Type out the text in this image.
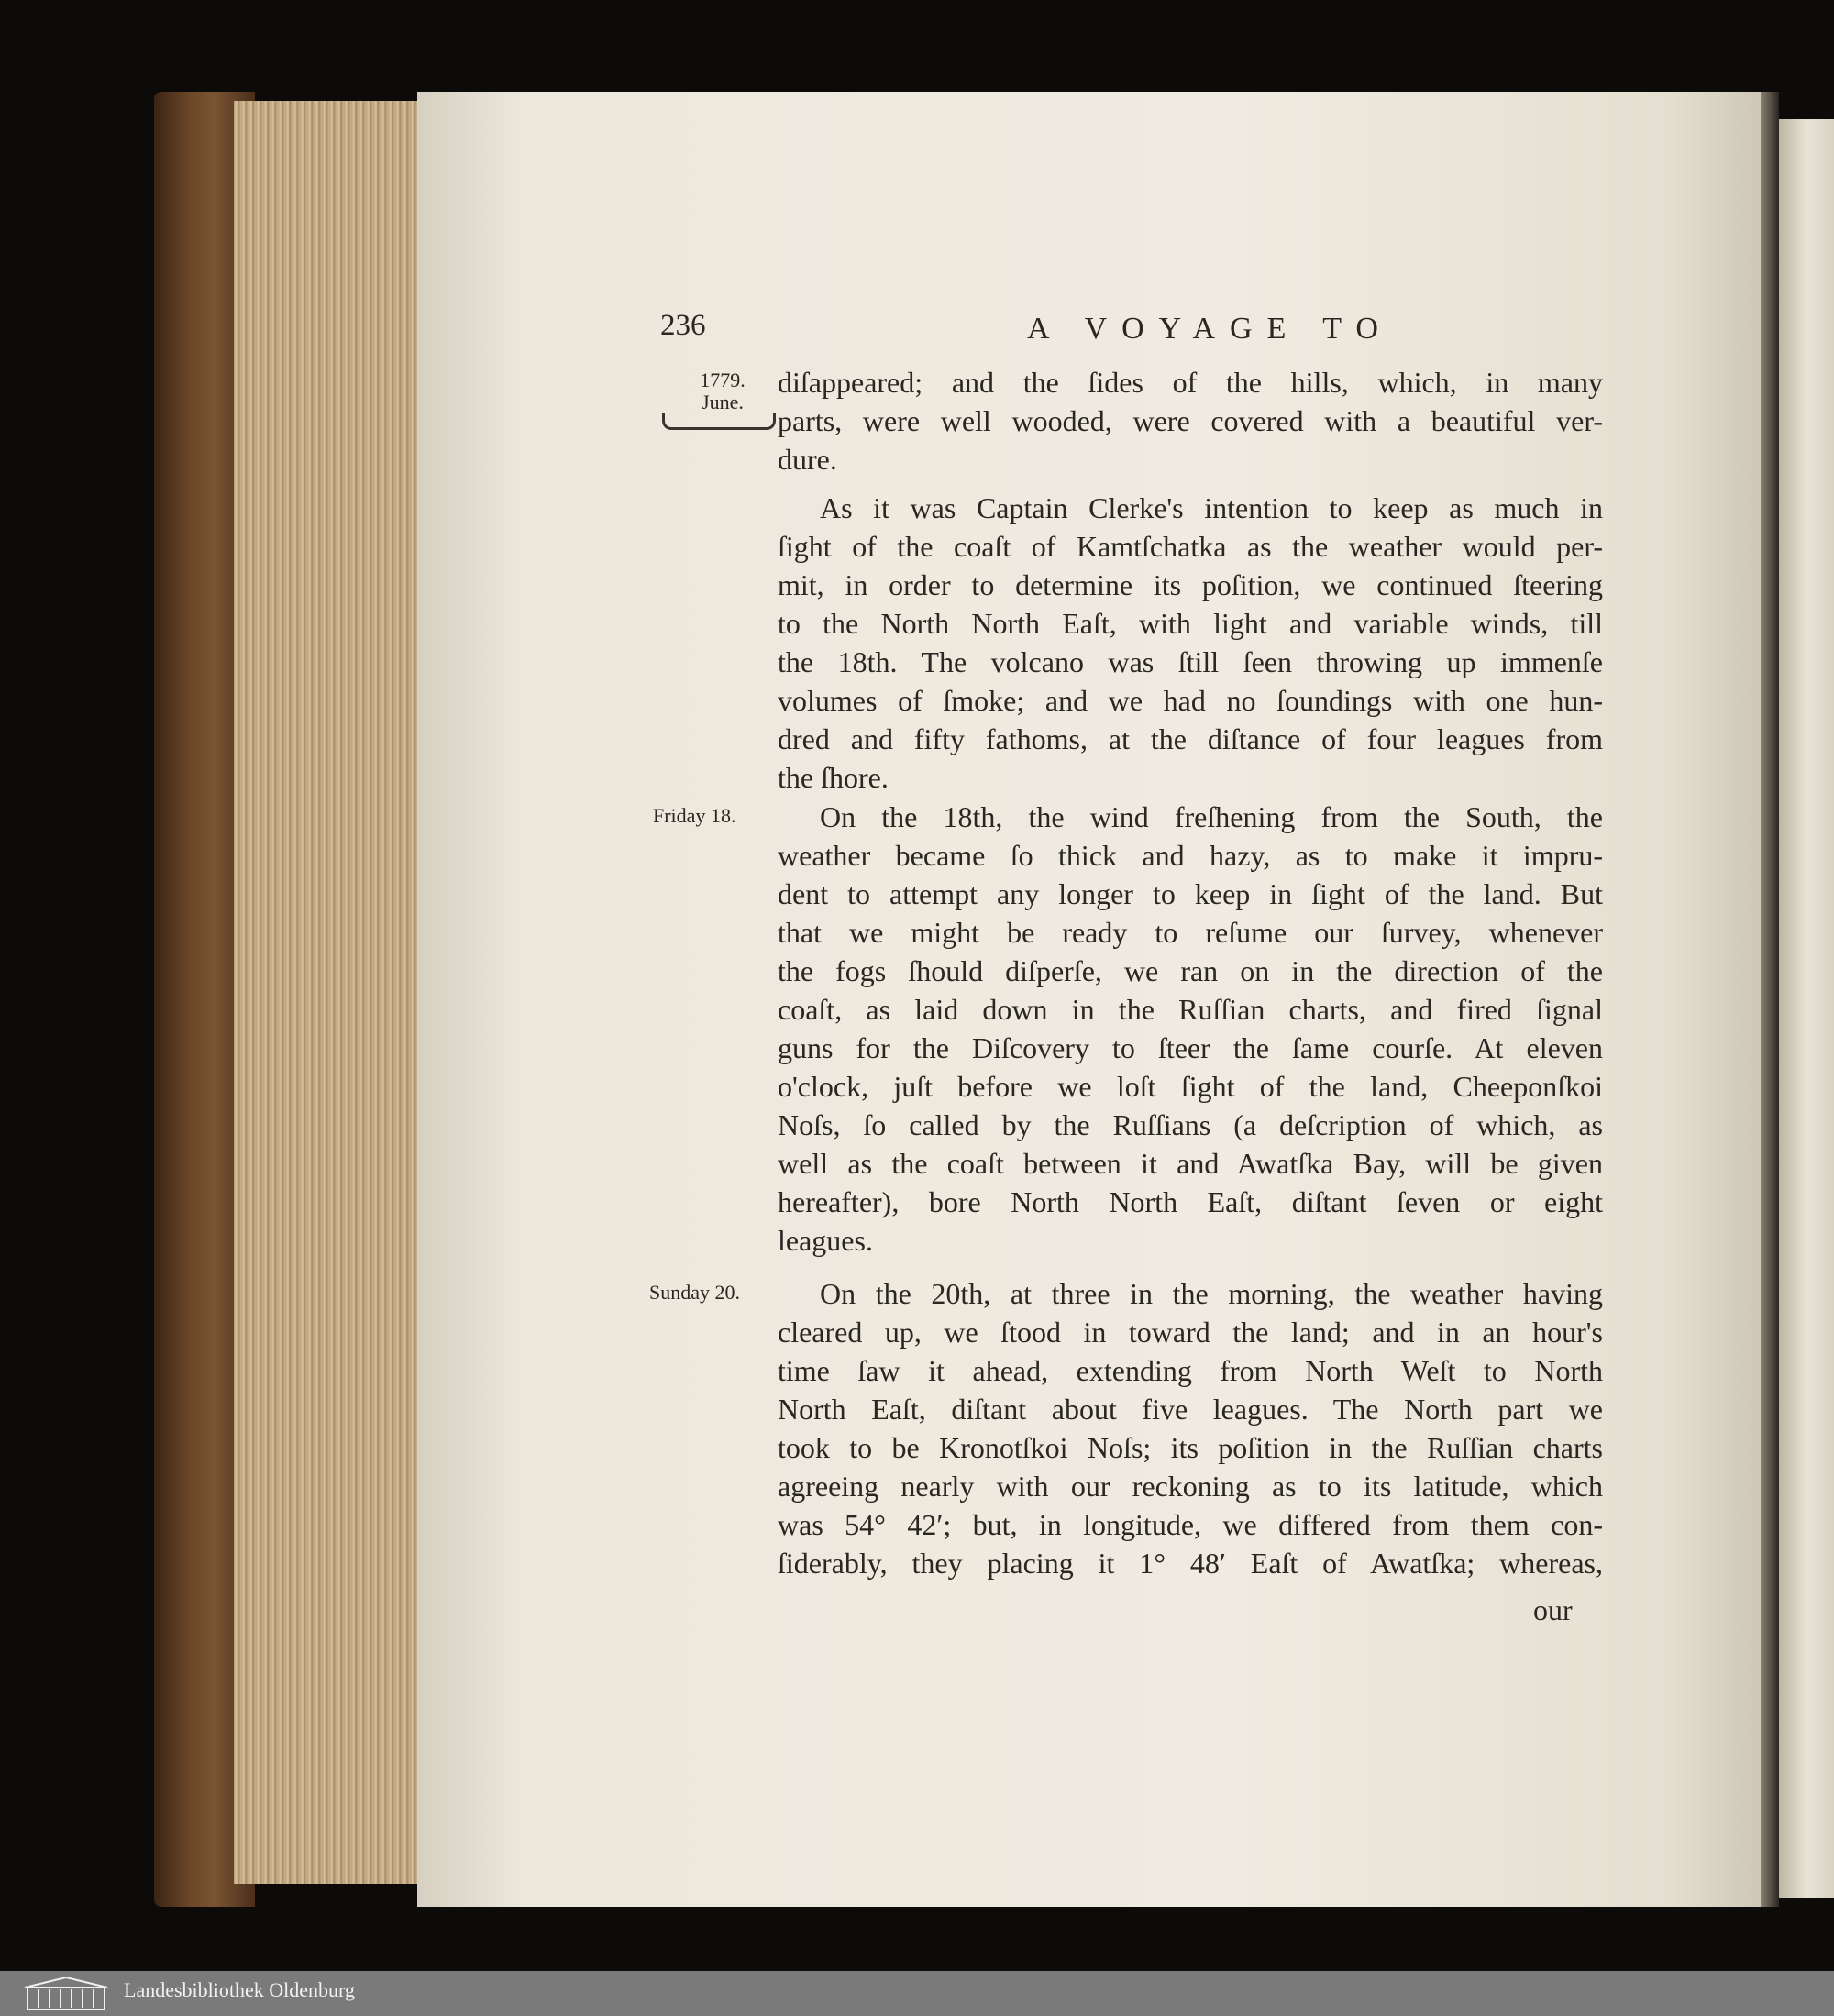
236	A VOYAGE TO
1779.
June.
Friday 18.
Sunday 20.
diſappeared; and the ſides of the hills, which, in many
parts, were well wooded, were covered with a beautiful ver-
dure.
As it was Captain Clerke's intention to keep as much in
ſight of the coaſt of Kamtſchatka as the weather would per-
mit, in order to determine its poſition, we continued ſteering
to the North North Eaſt, with light and variable winds, till
the 18th. The volcano was ſtill ſeen throwing up immenſe
volumes of ſmoke; and we had no ſoundings with one hun-
dred and fifty fathoms, at the diſtance of four leagues from
the ſhore.
On the 18th, the wind freſhening from the South, the
weather became ſo thick and hazy, as to make it impru-
dent to attempt any longer to keep in ſight of the land. But
that we might be ready to reſume our ſurvey, whenever
the fogs ſhould diſperſe, we ran on in the direction of the
coaſt, as laid down in the Ruſſian charts, and fired ſignal
guns for the Diſcovery to ſteer the ſame courſe. At eleven
o'clock, juſt before we loſt ſight of the land, Cheeponſkoi
Noſs, ſo called by the Ruſſians (a deſcription of which, as
well as the coaſt between it and Awatſka Bay, will be given
hereafter), bore North North Eaſt, diſtant ſeven or eight
leagues.
On the 20th, at three in the morning, the weather having
cleared up, we ſtood in toward the land; and in an hour's
time ſaw it ahead, extending from North Weſt to North
North Eaſt, diſtant about five leagues. The North part we
took to be Kronotſkoi Noſs; its poſition in the Ruſſian charts
agreeing nearly with our reckoning as to its latitude, which
was 54° 42′; but, in longitude, we differed from them con-
ſiderably, they placing it 1° 48′ Eaſt of Awatſka; whereas,
our
Landesbibliothek Oldenburg
